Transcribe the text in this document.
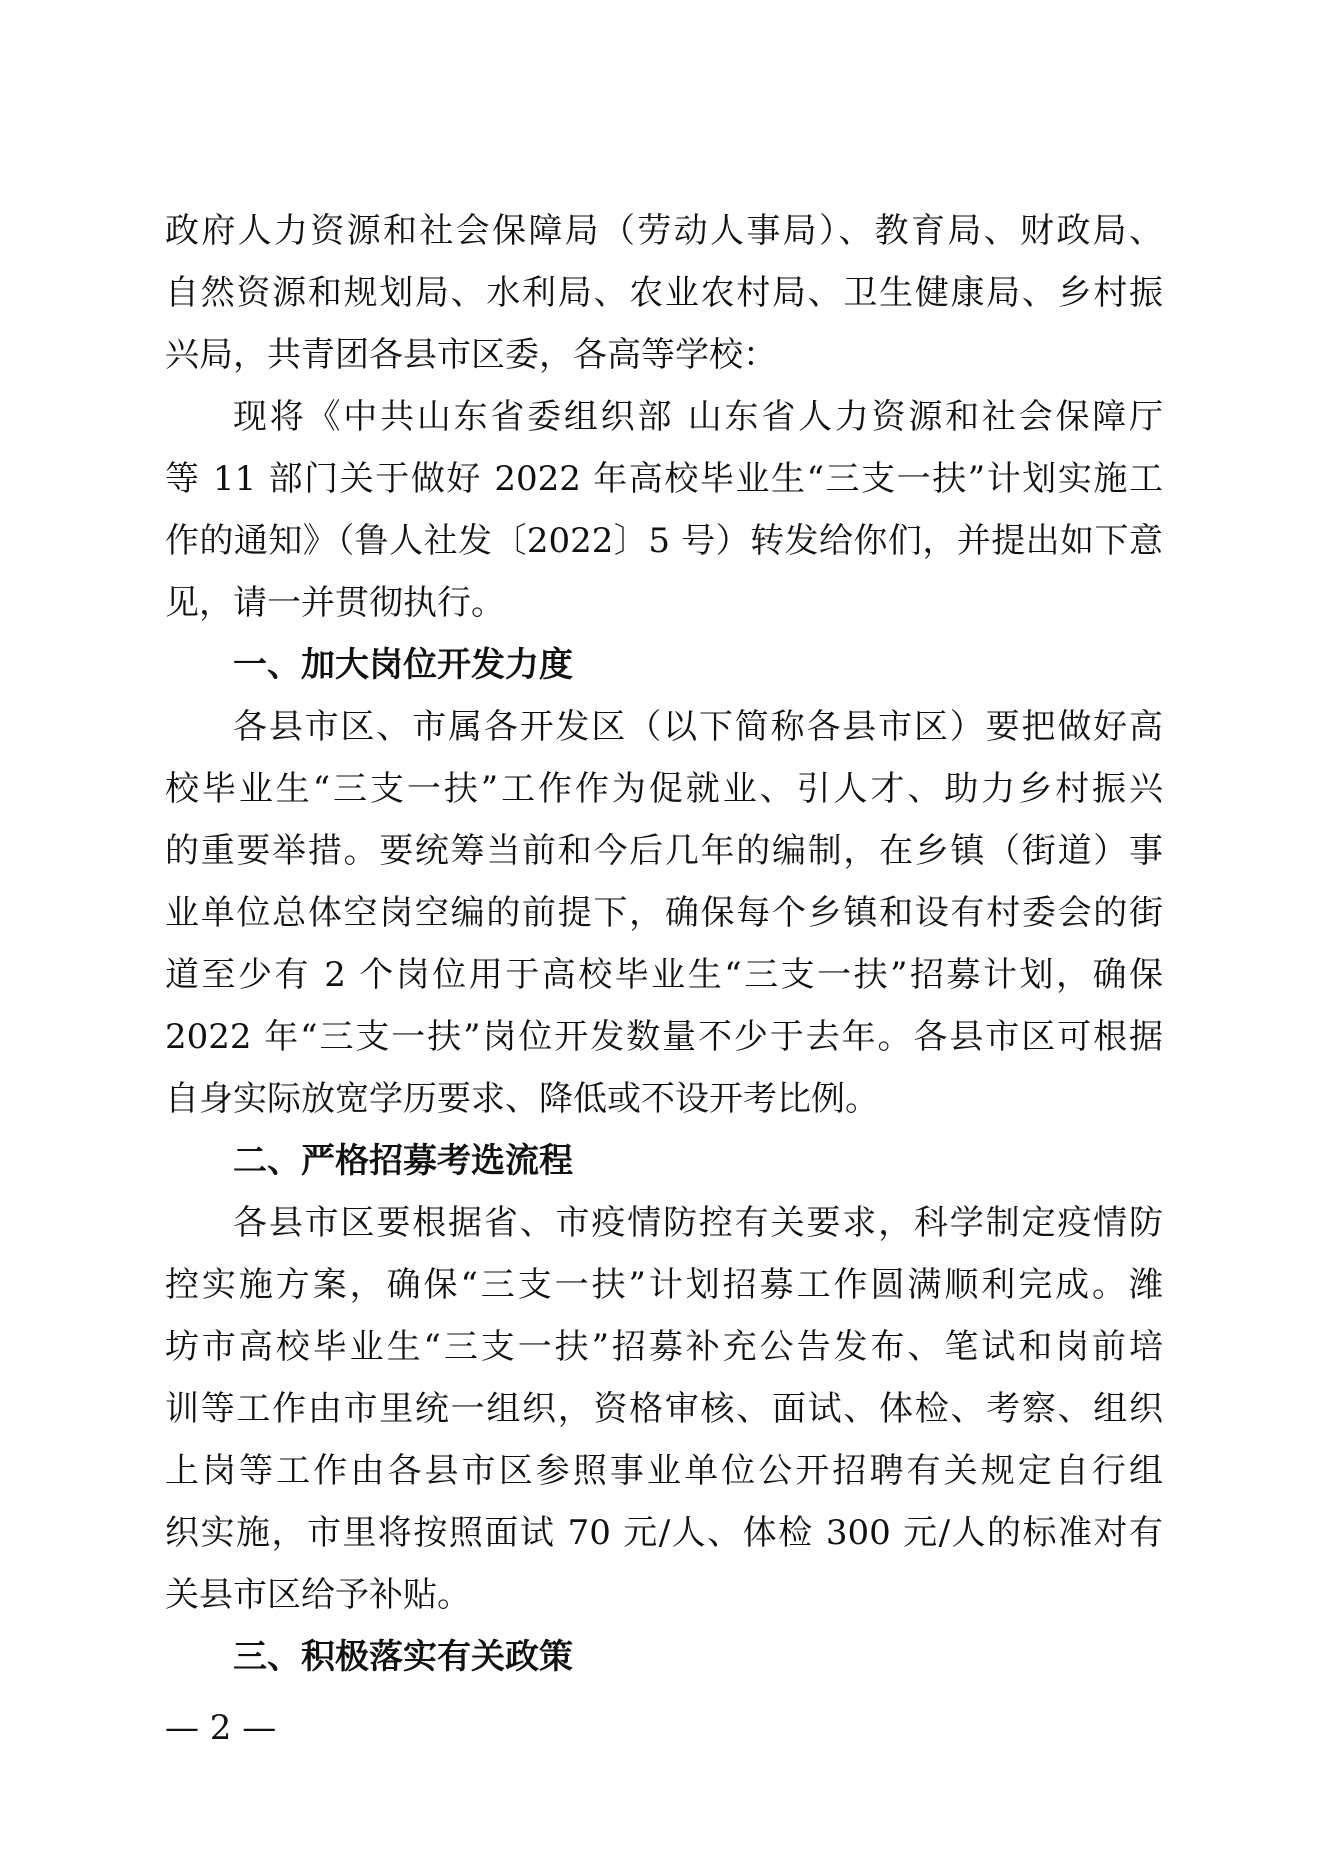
政府人力资源和社会保障局（劳动人事局）、教育局、财政局、
自然资源和规划局、水利局、农业农村局、卫生健康局、乡村振
兴局，共青团各县市区委，各高等学校：
现将《中共山东省委组织部 山东省人力资源和社会保障厅
等 11 部门关于做好 2022 年高校毕业生“三支一扶”计划实施工
作的通知》（鲁人社发〔2022〕5 号）转发给你们，并提出如下意
见，请一并贯彻执行。
一、加大岗位开发力度
各县市区、市属各开发区（以下简称各县市区）要把做好高
校毕业生“三支一扶”工作作为促就业、引人才、助力乡村振兴
的重要举措。要统筹当前和今后几年的编制，在乡镇（街道）事
业单位总体空岗空编的前提下，确保每个乡镇和设有村委会的街
道至少有 2 个岗位用于高校毕业生“三支一扶”招募计划，确保
2022 年“三支一扶”岗位开发数量不少于去年。各县市区可根据
自身实际放宽学历要求、降低或不设开考比例。
二、严格招募考选流程
各县市区要根据省、市疫情防控有关要求，科学制定疫情防
控实施方案，确保“三支一扶”计划招募工作圆满顺利完成。潍
坊市高校毕业生“三支一扶”招募补充公告发布、笔试和岗前培
训等工作由市里统一组织，资格审核、面试、体检、考察、组织
上岗等工作由各县市区参照事业单位公开招聘有关规定自行组
织实施，市里将按照面试 70 元/人、体检 300 元/人的标准对有
关县市区给予补贴。
三、积极落实有关政策
— 2 —
